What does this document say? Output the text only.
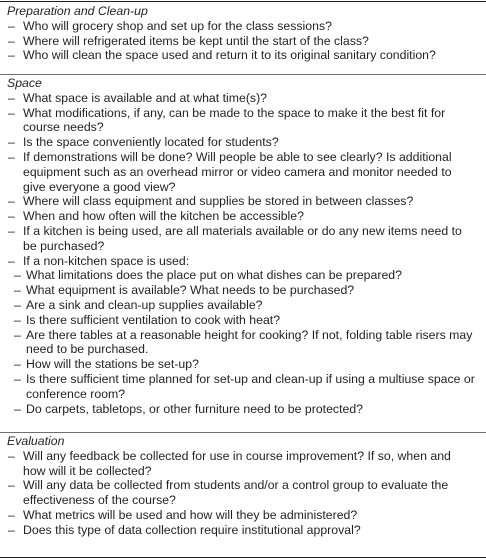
Preparation and Clean-up

– Who will grocery shop and set up for the class sessions?
– Where will refrigerated items be kept until the start of the class?
– Who will clean the space used and return it to its original sanitary condition?

Space

– What space is available and at what time(s)?
– What modifications, if any, can be made to the space to make it the best fit for course needs?
– Is the space conveniently located for students?
– If demonstrations will be done? Will people be able to see clearly? Is additional equipment such as an overhead mirror or video camera and monitor needed to give everyone a good view?
– Where will class equipment and supplies be stored in between classes?
– When and how often will the kitchen be accessible?
– If a kitchen is being used, are all materials available or do any new items need to be purchased?
– If a non-kitchen space is used:
– What limitations does the place put on what dishes can be prepared?
– What equipment is available? What needs to be purchased?
– Are a sink and clean-up supplies available?
– Is there sufficient ventilation to cook with heat?
– Are there tables at a reasonable height for cooking? If not, folding table risers may need to be purchased.
– How will the stations be set-up?
– Is there sufficient time planned for set-up and clean-up if using a multiuse space or conference room?
– Do carpets, tabletops, or other furniture need to be protected?

Evaluation

– Will any feedback be collected for use in course improvement? If so, when and how will it be collected?
– Will any data be collected from students and/or a control group to evaluate the effectiveness of the course?
– What metrics will be used and how will they be administered?
– Does this type of data collection require institutional approval?
